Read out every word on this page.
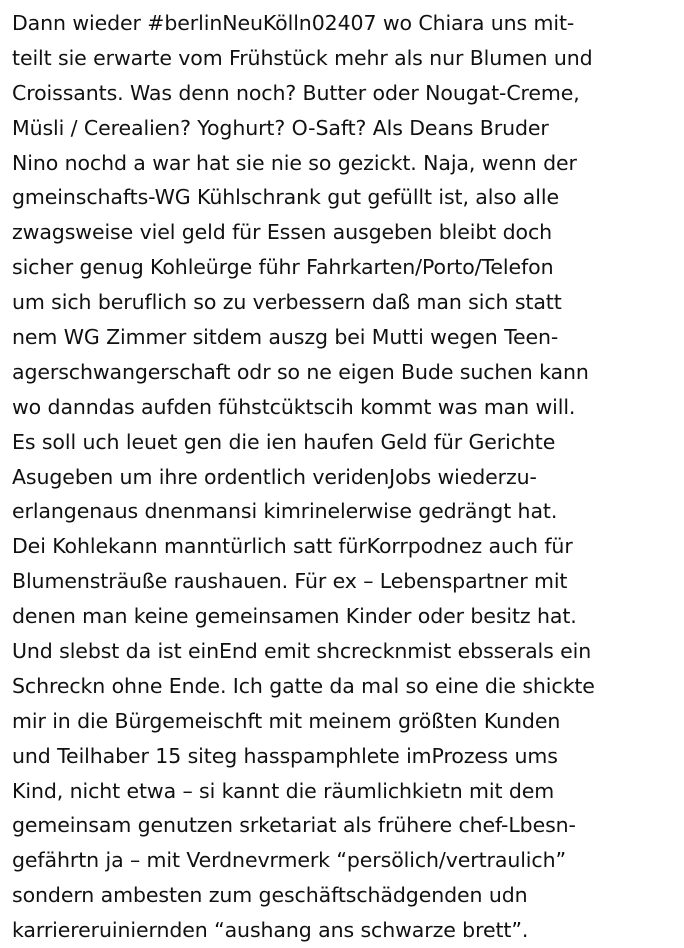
Dann wieder #berlinNeuKölln02407 wo Chiara uns mit-
teilt sie erwarte vom Frühstück mehr als nur Blumen und
Croissants. Was denn noch? Butter oder Nougat-Creme,
Müsli / Cerealien? Yoghurt? O-Saft? Als Deans Bruder
Nino nochd a war hat sie nie so gezickt. Naja, wenn der
gmeinschafts-WG Kühlschrank gut gefüllt ist, also alle
zwagsweise viel geld für Essen ausgeben bleibt doch
sicher genug Kohleürge führ Fahrkarten/Porto/Telefon
um sich beruflich so zu verbessern daß man sich statt
nem WG Zimmer sitdem auszg bei Mutti wegen Teen-
agerschwangerschaft odr so ne eigen Bude suchen kann
wo danndas aufden fühstcüktscih kommt was man will.
Es soll uch leuet gen die ien haufen Geld für Gerichte
Asugeben um ihre ordentlich veridenJobs wiederzu-
erlangenaus dnenmansi kimrinelerwise gedrängt hat.
Dei Kohlekann manntürlich satt fürKorrpodnez auch für
Blumensträuße raushauen. Für ex – Lebenspartner mit
denen man keine gemeinsamen Kinder oder besitz hat.
Und slebst da ist einEnd emit shcrecknmist ebsserals ein
Schreckn ohne Ende. Ich gatte da mal so eine die shickte
mir in die Bürgemeischft mit meinem größten Kunden
und Teilhaber 15 siteg hasspamphlete imProzess ums
Kind, nicht etwa – si kannt die räumlichkietn mit dem
gemeinsam genutzen srketariat als frühere chef-Lbesn-
gefährtn ja – mit Verdnevrmerk “persölich/vertraulich”
sondern ambesten zum geschäftschädgenden udn
karriereruiniernden “aushang ans schwarze brett”.
